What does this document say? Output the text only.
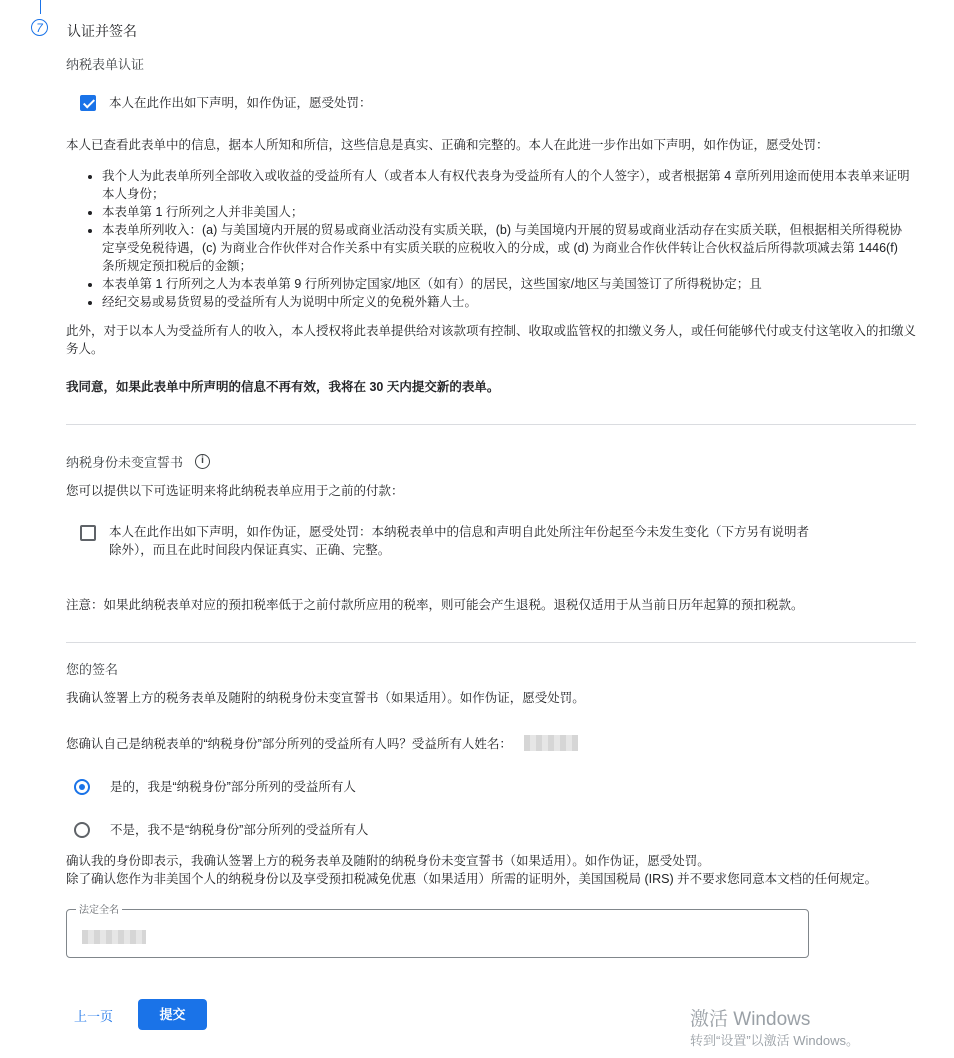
7	认证并签名
纳税表单认证
本人在此作出如下声明，如作伪证，愿受处罚：
本人已查看此表单中的信息，据本人所知和所信，这些信息是真实、正确和完整的。本人在此进一步作出如下声明，如作伪证，愿受处罚：
• 我个人为此表单所列全部收入或收益的受益所有人（或者本人有权代表身为受益所有人的个人签字），或者根据第 4 章所列用途而使用本表单来证明本人身份；
• 本表单第 1 行所列之人并非美国人；
• 本表单所列收入：(a) 与美国境内开展的贸易或商业活动没有实质关联，(b) 与美国境内开展的贸易或商业活动存在实质关联，但根据相关所得税协定享受免税待遇，(c) 为商业合作伙伴对合作关系中有实质关联的应税收入的分成，或 (d) 为商业合作伙伴转让合伙权益后所得款项减去第 1446(f) 条所规定预扣税后的金额；
• 本表单第 1 行所列之人为本表单第 9 行所列协定国家/地区（如有）的居民，这些国家/地区与美国签订了所得税协定；且
• 经纪交易或易货贸易的受益所有人为说明中所定义的免税外籍人士。
此外，对于以本人为受益所有人的收入，本人授权将此表单提供给对该款项有控制、收取或监管权的扣缴义务人，或任何能够代付或支付这笔收入的扣缴义务人。
我同意，如果此表单中所声明的信息不再有效，我将在 30 天内提交新的表单。
纳税身份未变宣誓书	i
您可以提供以下可选证明来将此纳税表单应用于之前的付款：
本人在此作出如下声明，如作伪证，愿受处罚：本纳税表单中的信息和声明自此处所注年份起至今未发生变化（下方另有说明者除外），而且在此时间段内保证真实、正确、完整。
注意：如果此纳税表单对应的预扣税率低于之前付款所应用的税率，则可能会产生退税。退税仅适用于从当前日历年起算的预扣税款。
您的签名
我确认签署上方的税务表单及随附的纳税身份未变宣誓书（如果适用）。如作伪证，愿受处罚。
您确认自己是纳税表单的“纳税身份”部分所列的受益所有人吗？受益所有人姓名：
是的，我是“纳税身份”部分所列的受益所有人
不是，我不是“纳税身份”部分所列的受益所有人
确认我的身份即表示，我确认签署上方的税务表单及随附的纳税身份未变宣誓书（如果适用）。如作伪证，愿受处罚。
除了确认您作为非美国个人的纳税身份以及享受预扣税减免优惠（如果适用）所需的证明外，美国国税局 (IRS) 并不要求您同意本文档的任何规定。
法定全名
上一页	提交	激活 Windows
转到“设置”以激活 Windows。
